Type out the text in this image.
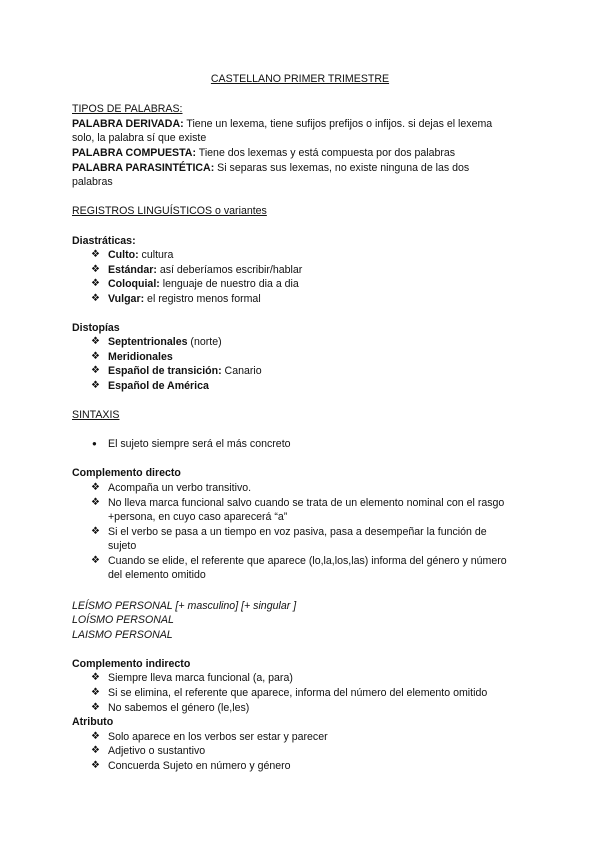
CASTELLANO PRIMER TRIMESTRE
TIPOS DE PALABRAS:
PALABRA DERIVADA: Tiene un lexema, tiene sufijos prefijos o infijos. si dejas el lexema
solo, la palabra sí que existe
PALABRA COMPUESTA: Tiene dos lexemas y está compuesta por dos palabras
PALABRA PARASINTÉTICA: Si separas sus lexemas, no existe ninguna de las dos
palabras
REGISTROS LINGUÍSTICOS o variantes
Diastráticas:
❖ Culto: cultura
❖ Estándar: así deberíamos escribir/hablar
❖ Coloquial: lenguaje de nuestro dia a dia
❖ Vulgar: el registro menos formal
Distopías
❖ Septentrionales (norte)
❖ Meridionales
❖ Español de transición: Canario
❖ Español de América
SINTAXIS
● El sujeto siempre será el más concreto
Complemento directo
❖ Acompaña un verbo transitivo.
❖ No lleva marca funcional salvo cuando se trata de un elemento nominal con el rasgo
+persona, en cuyo caso aparecerá “a”
❖ Si el verbo se pasa a un tiempo en voz pasiva, pasa a desempeñar la función de
sujeto
❖ Cuando se elide, el referente que aparece (lo,la,los,las) informa del género y número
del elemento omitido
LEÍSMO PERSONAL [+ masculino] [+ singular ]
LOÍSMO PERSONAL
LAISMO PERSONAL
Complemento indirecto
❖ Siempre lleva marca funcional (a, para)
❖ Si se elimina, el referente que aparece, informa del número del elemento omitido
❖ No sabemos el género (le,les)
Atributo
❖ Solo aparece en los verbos ser estar y parecer
❖ Adjetivo o sustantivo
❖ Concuerda Sujeto en número y género
